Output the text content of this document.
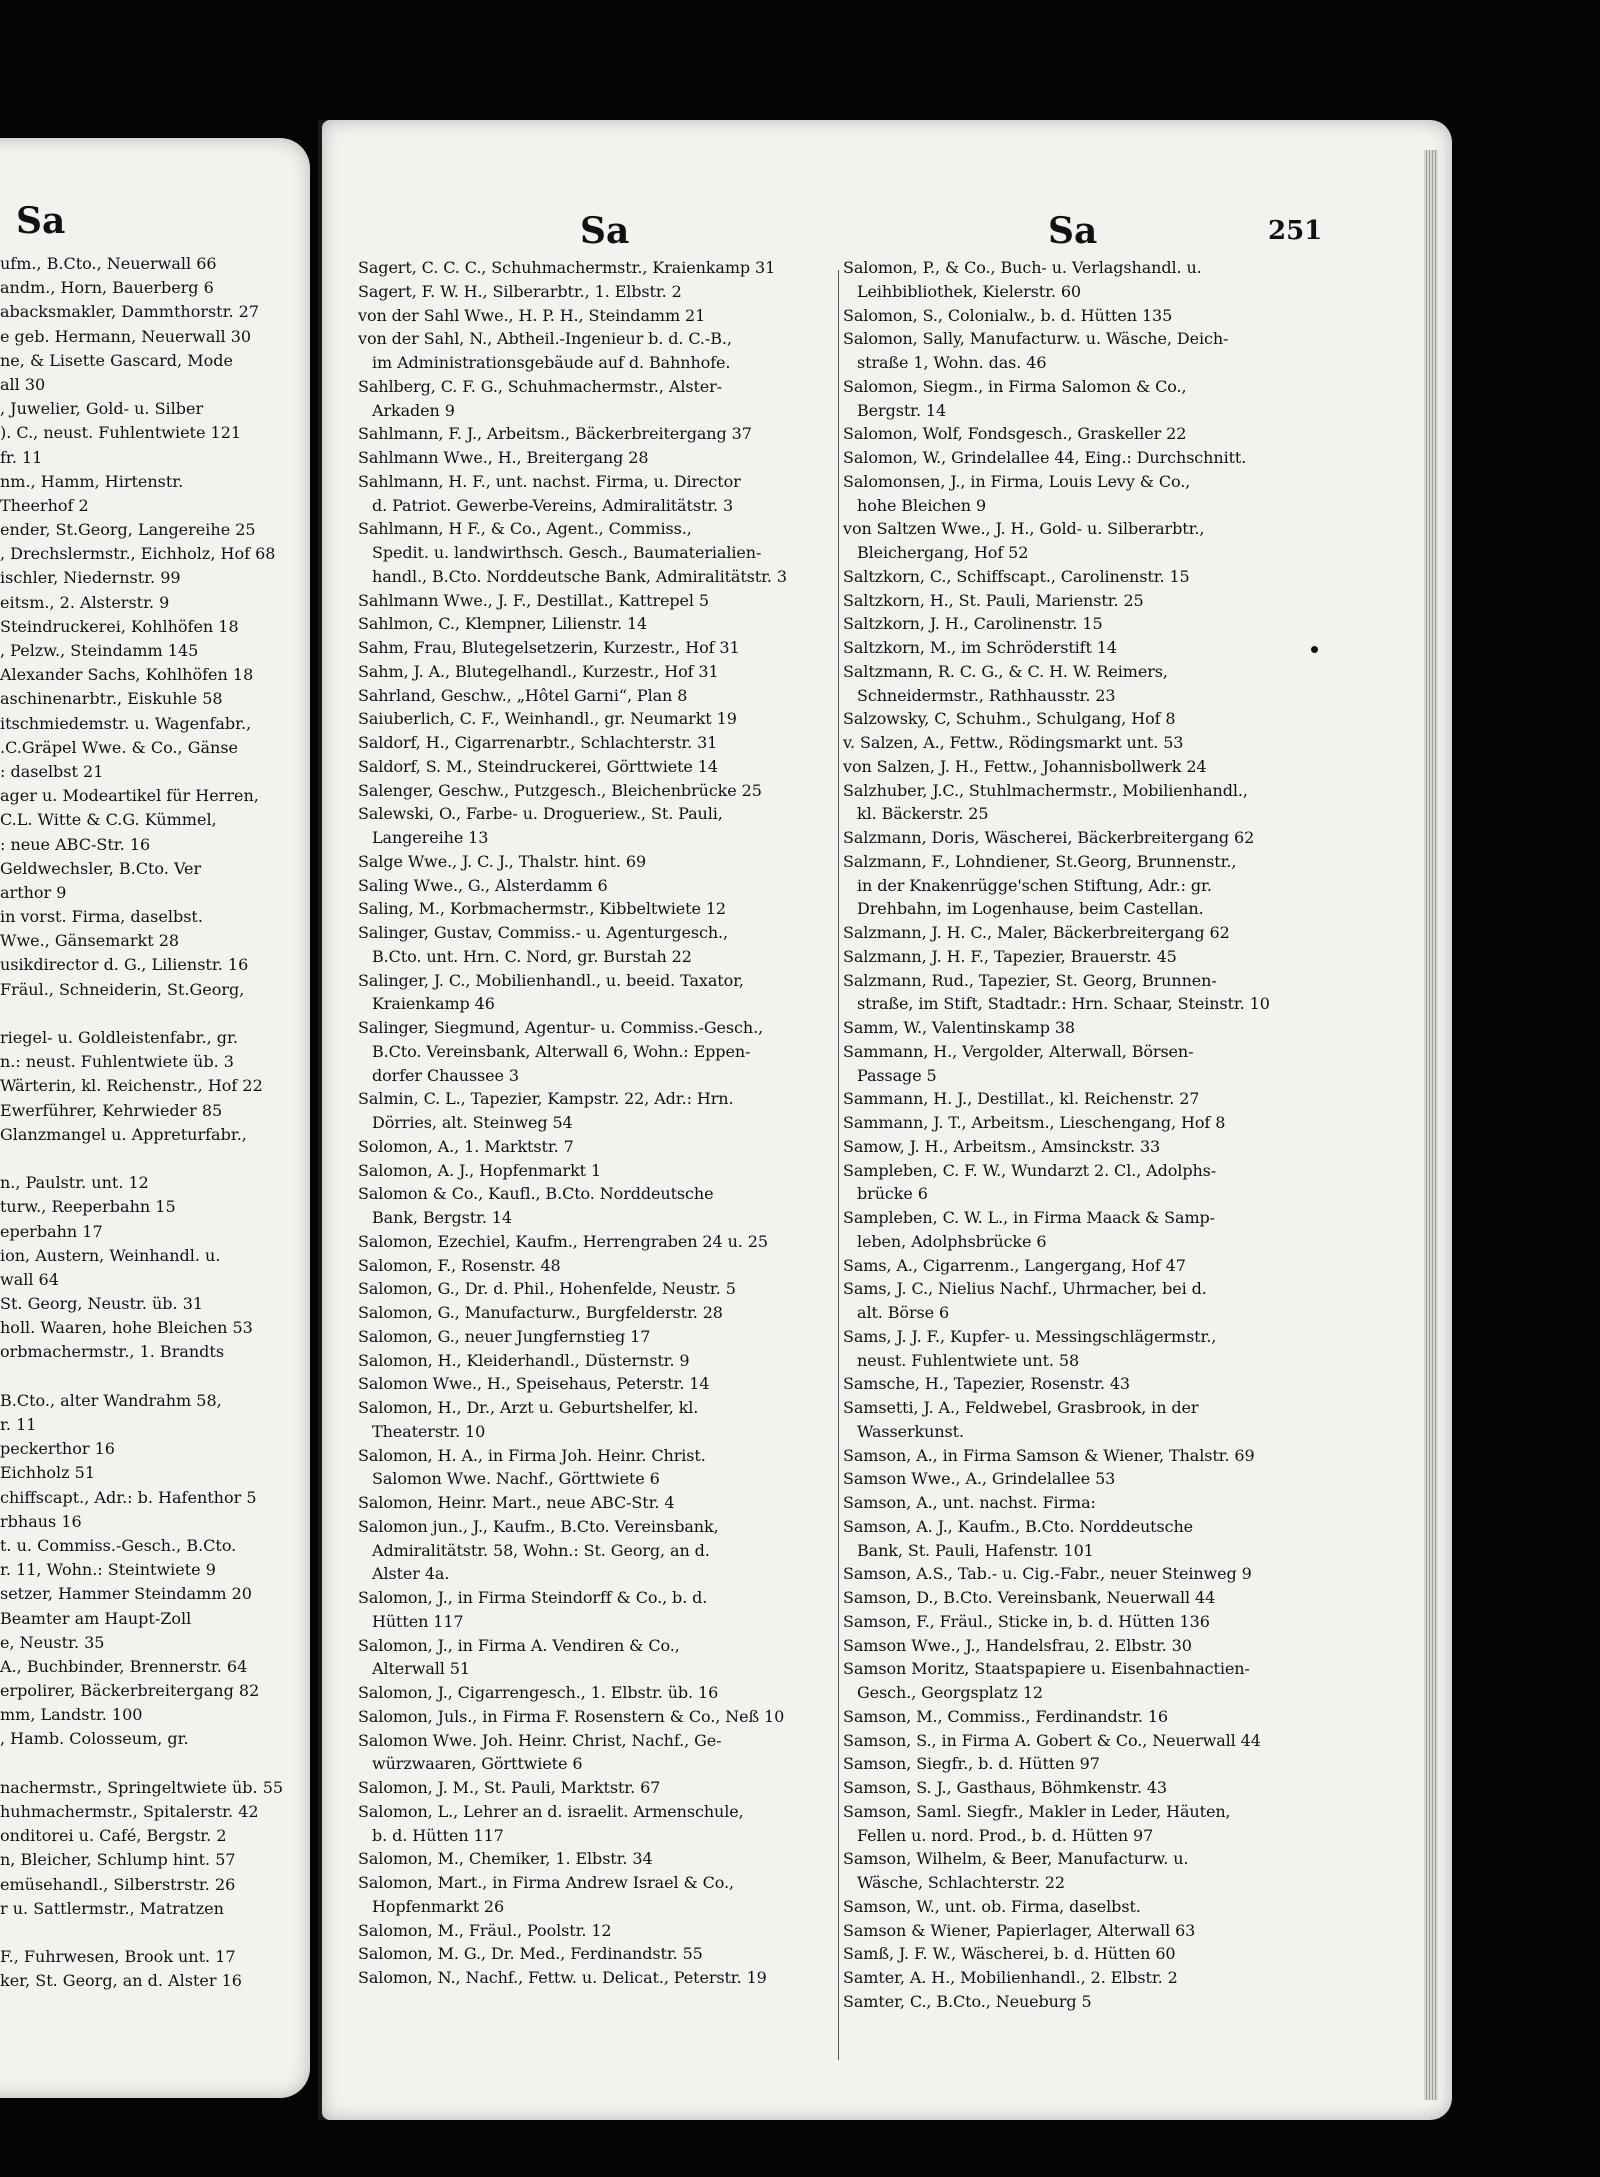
Sa
ufm., B.Cto., Neuerwall 66
andm., Horn, Bauerberg 6
abacksmakler, Dammthorstr. 27
e geb. Hermann, Neuerwall 30
ne, & Lisette Gascard, Mode
all 30
, Juwelier, Gold- u. Silber
). C., neust. Fuhlentwiete 121
fr. 11
nm., Hamm, Hirtenstr.
Theerhof 2
ender, St.Georg, Langereihe 25
, Drechslermstr., Eichholz, Hof 68
ischler, Niedernstr. 99
eitsm., 2. Alsterstr. 9
Steindruckerei, Kohlhöfen 18
, Pelzw., Steindamm 145
Alexander Sachs, Kohlhöfen 18
aschinenarbtr., Eiskuhle 58
itschmiedemstr. u. Wagenfabr.,
.C.Gräpel Wwe. & Co., Gänse
: daselbst 21
ager u. Modeartikel für Herren,
C.L. Witte & C.G. Kümmel,
: neue ABC-Str. 16
Geldwechsler, B.Cto. Ver
arthor 9
in vorst. Firma, daselbst.
Wwe., Gänsemarkt 28
usikdirector d. G., Lilienstr. 16
Fräul., Schneiderin, St.Georg,
riegel- u. Goldleistenfabr., gr.
n.: neust. Fuhlentwiete üb. 3
Wärterin, kl. Reichenstr., Hof 22
Ewerführer, Kehrwieder 85
Glanzmangel u. Appreturfabr.,
n., Paulstr. unt. 12
turw., Reeperbahn 15
eperbahn 17
ion, Austern, Weinhandl. u.
wall 64
St. Georg, Neustr. üb. 31
holl. Waaren, hohe Bleichen 53
orbmachermstr., 1. Brandts
B.Cto., alter Wandrahm 58,
r. 11
peckerthor 16
Eichholz 51
chiffscapt., Adr.: b. Hafenthor 5
rbhaus 16
t. u. Commiss.-Gesch., B.Cto.
r. 11, Wohn.: Steintwiete 9
setzer, Hammer Steindamm 20
Beamter am Haupt-Zoll
e, Neustr. 35
A., Buchbinder, Brennerstr. 64
erpolirer, Bäckerbreitergang 82
mm, Landstr. 100
, Hamb. Colosseum, gr.
nachermstr., Springeltwiete üb. 55
huhmachermstr., Spitalerstr. 42
onditorei u. Café, Bergstr. 2
n, Bleicher, Schlump hint. 57
emüsehandl., Silberstrstr. 26
r u. Sattlermstr., Matratzen
F., Fuhrwesen, Brook unt. 17
ker, St. Georg, an d. Alster 16
Sa	Sa	251
Sagert, C. C. C., Schuhmachermstr., Kraienkamp 31
Sagert, F. W. H., Silberarbtr., 1. Elbstr. 2
von der Sahl Wwe., H. P. H., Steindamm 21
von der Sahl, N., Abtheil.-Ingenieur b. d. C.-B.,
im Administrationsgebäude auf d. Bahnhofe.
Sahlberg, C. F. G., Schuhmachermstr., Alster-
Arkaden 9
Sahlmann, F. J., Arbeitsm., Bäckerbreitergang 37
Sahlmann Wwe., H., Breitergang 28
Sahlmann, H. F., unt. nachst. Firma, u. Director
d. Patriot. Gewerbe-Vereins, Admiralitätstr. 3
Sahlmann, H F., & Co., Agent., Commiss.,
Spedit. u. landwirthsch. Gesch., Baumaterialien-
handl., B.Cto. Norddeutsche Bank, Admiralitätstr. 3
Sahlmann Wwe., J. F., Destillat., Kattrepel 5
Sahlmon, C., Klempner, Lilienstr. 14
Sahm, Frau, Blutegelsetzerin, Kurzestr., Hof 31
Sahm, J. A., Blutegelhandl., Kurzestr., Hof 31
Sahrland, Geschw., „Hôtel Garni“, Plan 8
Saiuberlich, C. F., Weinhandl., gr. Neumarkt 19
Saldorf, H., Cigarrenarbtr., Schlachterstr. 31
Saldorf, S. M., Steindruckerei, Görttwiete 14
Salenger, Geschw., Putzgesch., Bleichenbrücke 25
Salewski, O., Farbe- u. Drogueriew., St. Pauli,
Langereihe 13
Salge Wwe., J. C. J., Thalstr. hint. 69
Saling Wwe., G., Alsterdamm 6
Saling, M., Korbmachermstr., Kibbeltwiete 12
Salinger, Gustav, Commiss.- u. Agenturgesch.,
B.Cto. unt. Hrn. C. Nord, gr. Burstah 22
Salinger, J. C., Mobilienhandl., u. beeid. Taxator,
Kraienkamp 46
Salinger, Siegmund, Agentur- u. Commiss.-Gesch.,
B.Cto. Vereinsbank, Alterwall 6, Wohn.: Eppen-
dorfer Chaussee 3
Salmin, C. L., Tapezier, Kampstr. 22, Adr.: Hrn.
Dörries, alt. Steinweg 54
Solomon, A., 1. Marktstr. 7
Salomon, A. J., Hopfenmarkt 1
Salomon & Co., Kaufl., B.Cto. Norddeutsche
Bank, Bergstr. 14
Salomon, Ezechiel, Kaufm., Herrengraben 24 u. 25
Salomon, F., Rosenstr. 48
Salomon, G., Dr. d. Phil., Hohenfelde, Neustr. 5
Salomon, G., Manufacturw., Burgfelderstr. 28
Salomon, G., neuer Jungfernstieg 17
Salomon, H., Kleiderhandl., Düsternstr. 9
Salomon Wwe., H., Speisehaus, Peterstr. 14
Salomon, H., Dr., Arzt u. Geburtshelfer, kl.
Theaterstr. 10
Salomon, H. A., in Firma Joh. Heinr. Christ.
Salomon Wwe. Nachf., Görttwiete 6
Salomon, Heinr. Mart., neue ABC-Str. 4
Salomon jun., J., Kaufm., B.Cto. Vereinsbank,
Admiralitätstr. 58, Wohn.: St. Georg, an d.
Alster 4a.
Salomon, J., in Firma Steindorff & Co., b. d.
Hütten 117
Salomon, J., in Firma A. Vendiren & Co.,
Alterwall 51
Salomon, J., Cigarrengesch., 1. Elbstr. üb. 16
Salomon, Juls., in Firma F. Rosenstern & Co., Neß 10
Salomon Wwe. Joh. Heinr. Christ, Nachf., Ge-
würzwaaren, Görttwiete 6
Salomon, J. M., St. Pauli, Marktstr. 67
Salomon, L., Lehrer an d. israelit. Armenschule,
b. d. Hütten 117
Salomon, M., Chemiker, 1. Elbstr. 34
Salomon, Mart., in Firma Andrew Israel & Co.,
Hopfenmarkt 26
Salomon, M., Fräul., Poolstr. 12
Salomon, M. G., Dr. Med., Ferdinandstr. 55
Salomon, N., Nachf., Fettw. u. Delicat., Peterstr. 19
Salomon, P., & Co., Buch- u. Verlagshandl. u.
Leihbibliothek, Kielerstr. 60
Salomon, S., Colonialw., b. d. Hütten 135
Salomon, Sally, Manufacturw. u. Wäsche, Deich-
straße 1, Wohn. das. 46
Salomon, Siegm., in Firma Salomon & Co.,
Bergstr. 14
Salomon, Wolf, Fondsgesch., Graskeller 22
Salomon, W., Grindelallee 44, Eing.: Durchschnitt.
Salomonsen, J., in Firma, Louis Levy & Co.,
hohe Bleichen 9
von Saltzen Wwe., J. H., Gold- u. Silberarbtr.,
Bleichergang, Hof 52
Saltzkorn, C., Schiffscapt., Carolinenstr. 15
Saltzkorn, H., St. Pauli, Marienstr. 25
Saltzkorn, J. H., Carolinenstr. 15
Saltzkorn, M., im Schröderstift 14
Saltzmann, R. C. G., & C. H. W. Reimers,
Schneidermstr., Rathhausstr. 23
Salzowsky, C, Schuhm., Schulgang, Hof 8
v. Salzen, A., Fettw., Rödingsmarkt unt. 53
von Salzen, J. H., Fettw., Johannisbollwerk 24
Salzhuber, J.C., Stuhlmachermstr., Mobilienhandl.,
kl. Bäckerstr. 25
Salzmann, Doris, Wäscherei, Bäckerbreitergang 62
Salzmann, F., Lohndiener, St.Georg, Brunnenstr.,
in der Knakenrügge'schen Stiftung, Adr.: gr.
Drehbahn, im Logenhause, beim Castellan.
Salzmann, J. H. C., Maler, Bäckerbreitergang 62
Salzmann, J. H. F., Tapezier, Brauerstr. 45
Salzmann, Rud., Tapezier, St. Georg, Brunnen-
straße, im Stift, Stadtadr.: Hrn. Schaar, Steinstr. 10
Samm, W., Valentinskamp 38
Sammann, H., Vergolder, Alterwall, Börsen-
Passage 5
Sammann, H. J., Destillat., kl. Reichenstr. 27
Sammann, J. T., Arbeitsm., Lieschengang, Hof 8
Samow, J. H., Arbeitsm., Amsinckstr. 33
Sampleben, C. F. W., Wundarzt 2. Cl., Adolphs-
brücke 6
Sampleben, C. W. L., in Firma Maack & Samp-
leben, Adolphsbrücke 6
Sams, A., Cigarrenm., Langergang, Hof 47
Sams, J. C., Nielius Nachf., Uhrmacher, bei d.
alt. Börse 6
Sams, J. J. F., Kupfer- u. Messingschlägermstr.,
neust. Fuhlentwiete unt. 58
Samsche, H., Tapezier, Rosenstr. 43
Samsetti, J. A., Feldwebel, Grasbrook, in der
Wasserkunst.
Samson, A., in Firma Samson & Wiener, Thalstr. 69
Samson Wwe., A., Grindelallee 53
Samson, A., unt. nachst. Firma:
Samson, A. J., Kaufm., B.Cto. Norddeutsche
Bank, St. Pauli, Hafenstr. 101
Samson, A.S., Tab.- u. Cig.-Fabr., neuer Steinweg 9
Samson, D., B.Cto. Vereinsbank, Neuerwall 44
Samson, F., Fräul., Sticke in, b. d. Hütten 136
Samson Wwe., J., Handelsfrau, 2. Elbstr. 30
Samson Moritz, Staatspapiere u. Eisenbahnactien-
Gesch., Georgsplatz 12
Samson, M., Commiss., Ferdinandstr. 16
Samson, S., in Firma A. Gobert & Co., Neuerwall 44
Samson, Siegfr., b. d. Hütten 97
Samson, S. J., Gasthaus, Böhmkenstr. 43
Samson, Saml. Siegfr., Makler in Leder, Häuten,
Fellen u. nord. Prod., b. d. Hütten 97
Samson, Wilhelm, & Beer, Manufacturw. u.
Wäsche, Schlachterstr. 22
Samson, W., unt. ob. Firma, daselbst.
Samson & Wiener, Papierlager, Alterwall 63
Samß, J. F. W., Wäscherei, b. d. Hütten 60
Samter, A. H., Mobilienhandl., 2. Elbstr. 2
Samter, C., B.Cto., Neueburg 5
